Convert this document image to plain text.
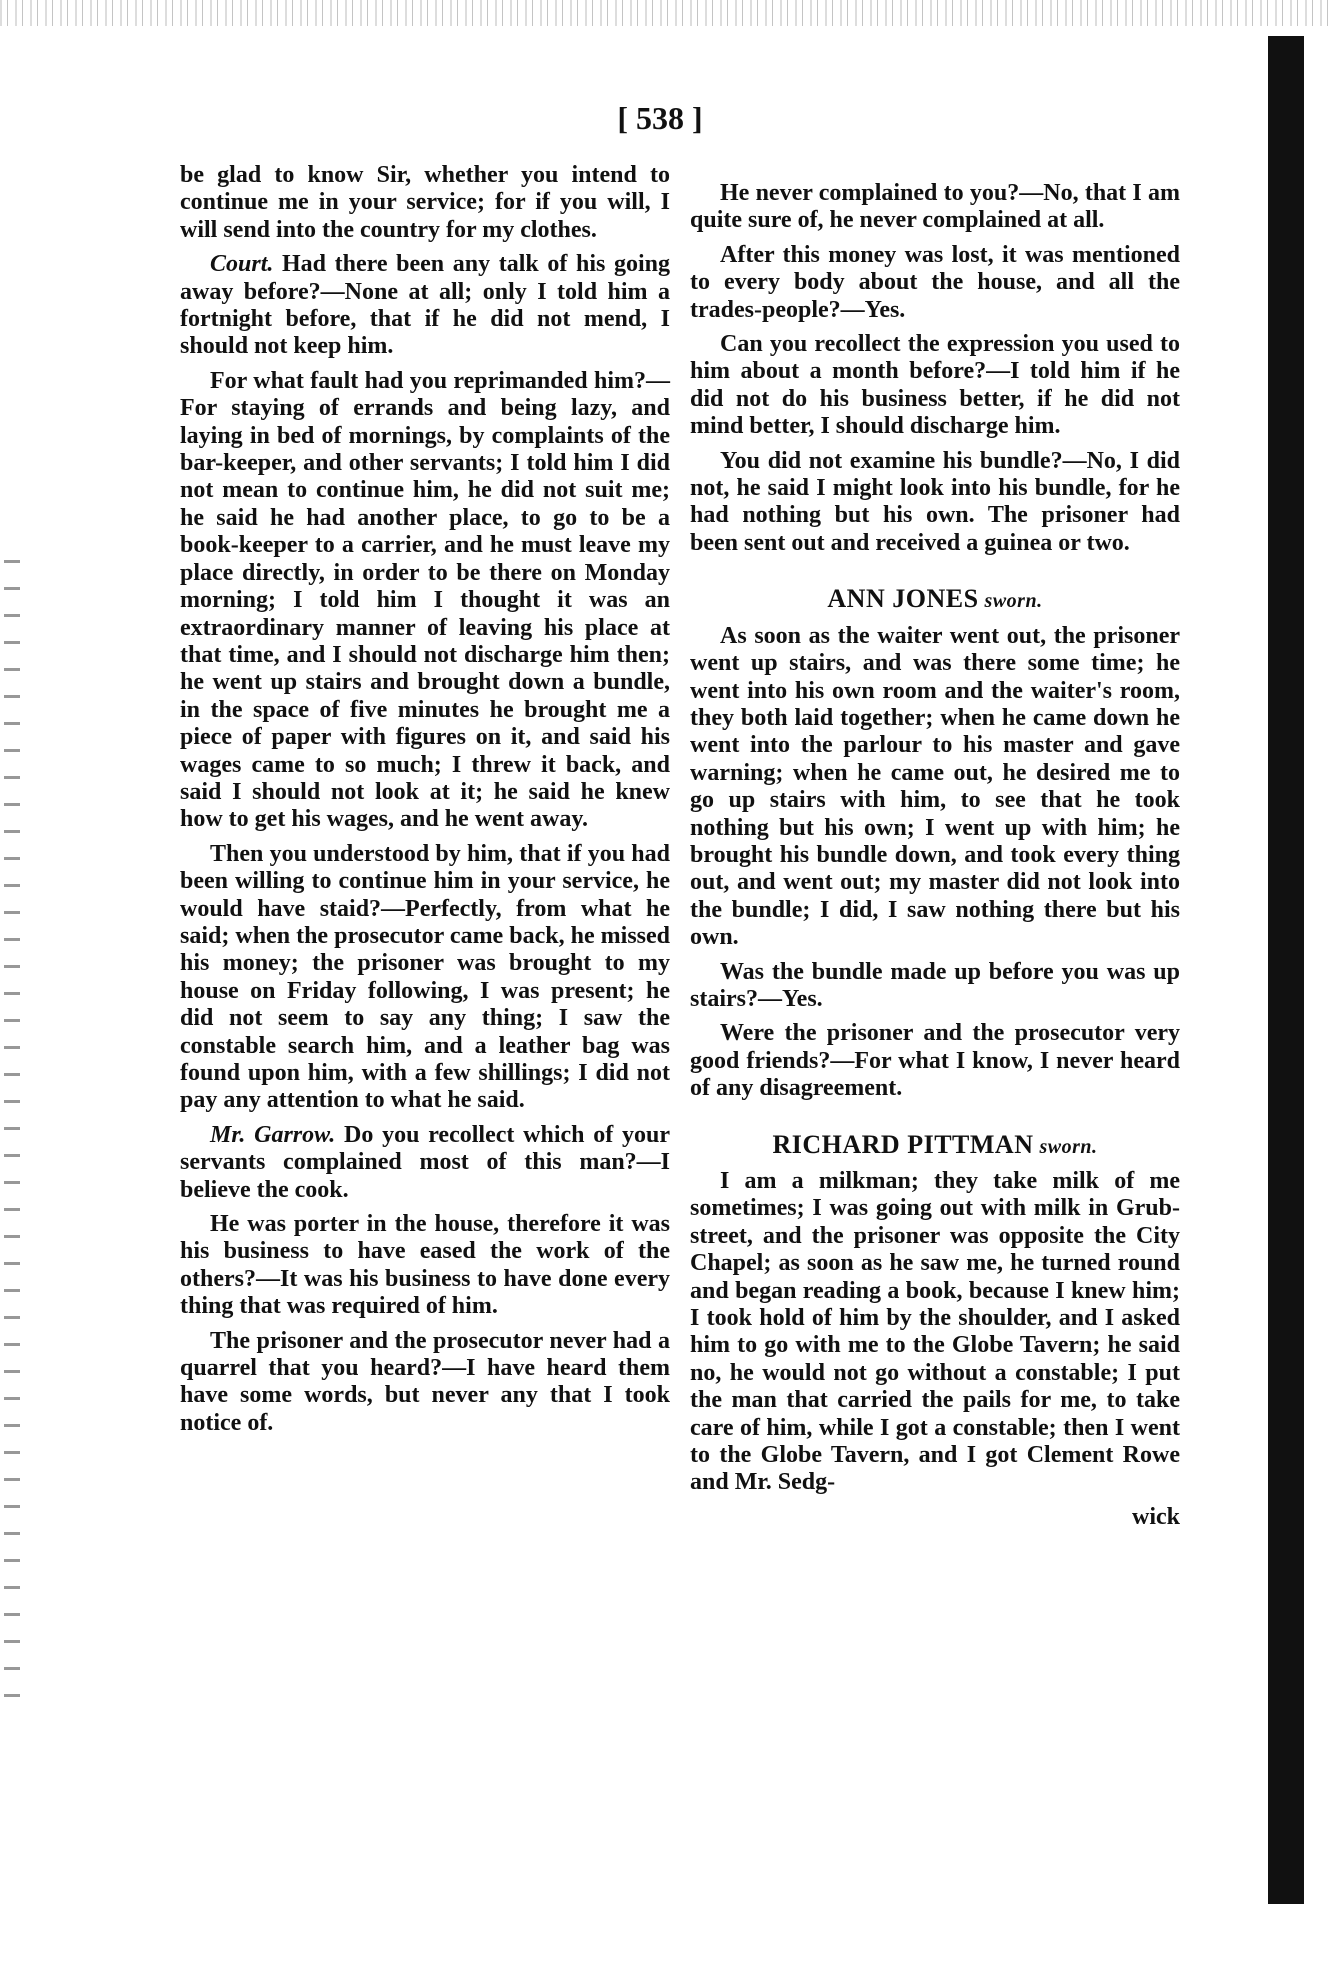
[ 538 ]

be glad to know Sir, whether you intend to continue me in your service; for if you will, I will send into the country for my clothes.

Court. Had there been any talk of his going away before?—None at all; only I told him a fortnight before, that if he did not mend, I should not keep him.

For what fault had you reprimanded him?—For staying of errands and being lazy, and laying in bed of mornings, by complaints of the bar-keeper, and other servants; I told him I did not mean to continue him, he did not suit me; he said he had another place, to go to be a book-keeper to a carrier, and he must leave my place directly, in order to be there on Monday morning; I told him I thought it was an extraordinary manner of leaving his place at that time, and I should not discharge him then; he went up stairs and brought down a bundle, in the space of five minutes he brought me a piece of paper with figures on it, and said his wages came to so much; I threw it back, and said I should not look at it; he said he knew how to get his wages, and he went away.

Then you understood by him, that if you had been willing to continue him in your service, he would have staid?—Perfectly, from what he said; when the prosecutor came back, he missed his money; the prisoner was brought to my house on Friday following, I was present; he did not seem to say any thing; I saw the constable search him, and a leather bag was found upon him, with a few shillings; I did not pay any attention to what he said.

Mr. Garrow. Do you recollect which of your servants complained most of this man?—I believe the cook.

He was porter in the house, therefore it was his business to have eased the work of the others?—It was his business to have done every thing that was required of him.

The prisoner and the prosecutor never had a quarrel that you heard?—I have heard them have some words, but never any that I took notice of.

He never complained to you?—No, that I am quite sure of, he never complained at all.

After this money was lost, it was mentioned to every body about the house, and all the trades-people?—Yes.

Can you recollect the expression you used to him about a month before?—I told him if he did not do his business better, if he did not mind better, I should discharge him.

You did not examine his bundle?—No, I did not, he said I might look into his bundle, for he had nothing but his own. The prisoner had been sent out and received a guinea or two.

ANN JONES sworn.

As soon as the waiter went out, the prisoner went up stairs, and was there some time; he went into his own room and the waiter's room, they both laid together; when he came down he went into the parlour to his master and gave warning; when he came out, he desired me to go up stairs with him, to see that he took nothing but his own; I went up with him; he brought his bundle down, and took every thing out, and went out; my master did not look into the bundle; I did, I saw nothing there but his own.

Was the bundle made up before you was up stairs?—Yes.

Were the prisoner and the prosecutor very good friends?—For what I know, I never heard of any disagreement.

RICHARD PITTMAN sworn.

I am a milkman; they take milk of me sometimes; I was going out with milk in Grub-street, and the prisoner was opposite the City Chapel; as soon as he saw me, he turned round and began reading a book, because I knew him; I took hold of him by the shoulder, and I asked him to go with me to the Globe Tavern; he said no, he would not go without a constable; I put the man that carried the pails for me, to take care of him, while I got a constable; then I went to the Globe Tavern, and I got Clement Rowe and Mr. Sedg-

wick
